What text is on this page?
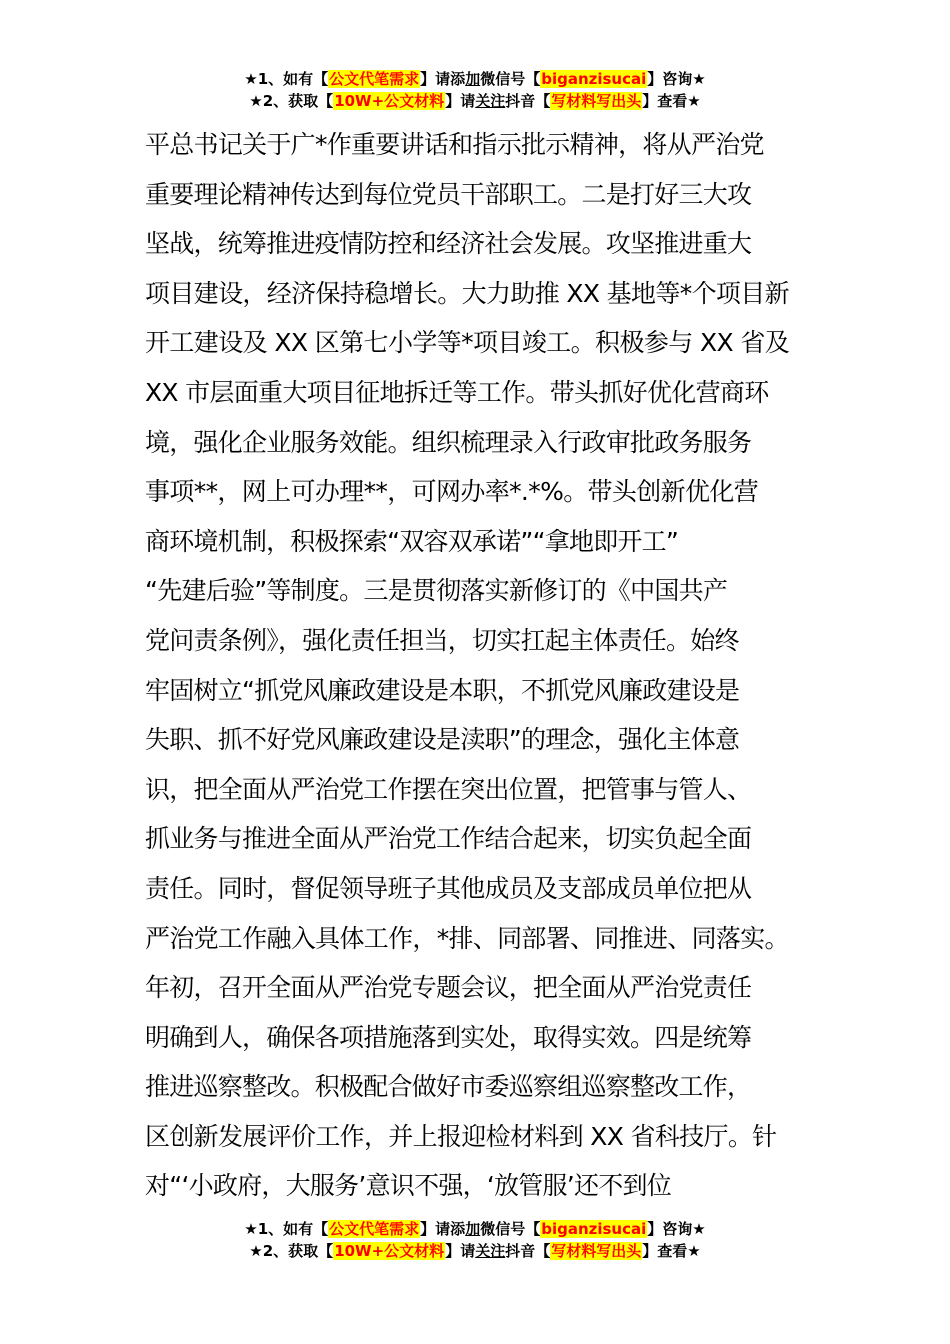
★1、如有【公文代笔需求】请添加微信号【biganzisucai】咨询★
★2、获取【10W+公文材料】请关注抖音【写材料写出头】查看★
平总书记关于广*作重要讲话和指示批示精神，将从严治党
重要理论精神传达到每位党员干部职工。二是打好三大攻
坚战，统筹推进疫情防控和经济社会发展。攻坚推进重大
项目建设，经济保持稳增长。大力助推 XX 基地等*个项目新
开工建设及 XX 区第七小学等*项目竣工。积极参与 XX 省及
XX 市层面重大项目征地拆迁等工作。带头抓好优化营商环
境，强化企业服务效能。组织梳理录入行政审批政务服务
事项**，网上可办理**，可网办率*.*%。带头创新优化营
商环境机制，积极探索“双容双承诺”“拿地即开工”
“先建后验”等制度。三是贯彻落实新修订的《中国共产
党问责条例》，强化责任担当，切实扛起主体责任。始终
牢固树立“抓党风廉政建设是本职，不抓党风廉政建设是
失职、抓不好党风廉政建设是渎职”的理念，强化主体意
识，把全面从严治党工作摆在突出位置，把管事与管人、
抓业务与推进全面从严治党工作结合起来，切实负起全面
责任。同时，督促领导班子其他成员及支部成员单位把从
严治党工作融入具体工作，*排、同部署、同推进、同落实。
年初，召开全面从严治党专题会议，把全面从严治党责任
明确到人，确保各项措施落到实处，取得实效。四是统筹
推进巡察整改。积极配合做好市委巡察组巡察整改工作，
区创新发展评价工作，并上报迎检材料到 XX 省科技厅。针
对“‘小政府，大服务’意识不强，‘放管服’还不到位
★1、如有【公文代笔需求】请添加微信号【biganzisucai】咨询★
★2、获取【10W+公文材料】请关注抖音【写材料写出头】查看★
